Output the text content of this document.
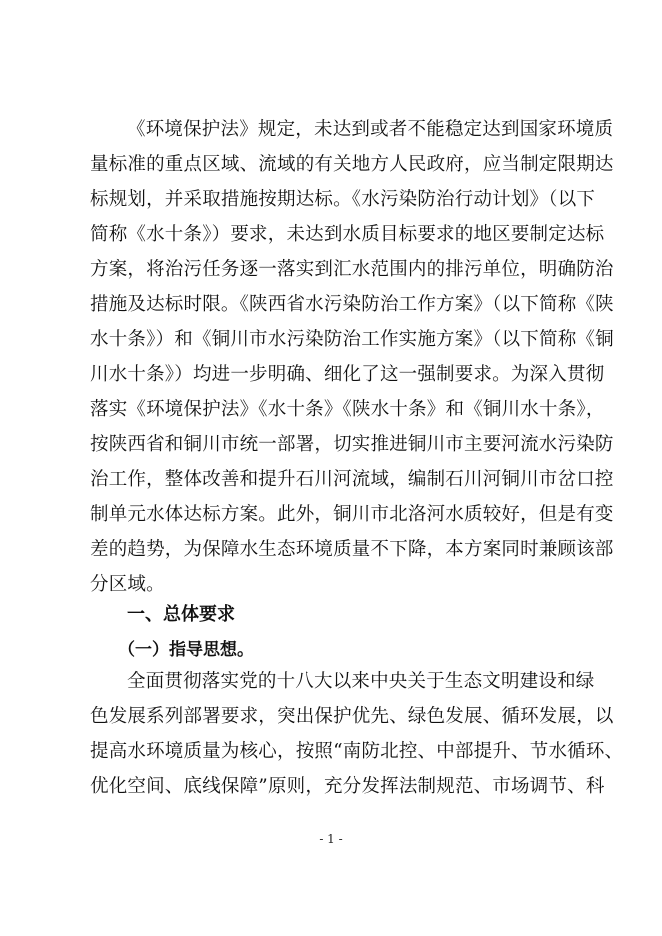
《环境保护法》规定，未达到或者不能稳定达到国家环境质
量标准的重点区域、流域的有关地方人民政府，应当制定限期达
标规划，并采取措施按期达标。《水污染防治行动计划》（以下
简称《水十条》）要求，未达到水质目标要求的地区要制定达标
方案，将治污任务逐一落实到汇水范围内的排污单位，明确防治
措施及达标时限。《陕西省水污染防治工作方案》（以下简称《陕
水十条》）和《铜川市水污染防治工作实施方案》（以下简称《铜
川水十条》）均进一步明确、细化了这一强制要求。为深入贯彻
落实《环境保护法》《水十条》《陕水十条》和《铜川水十条》，
按陕西省和铜川市统一部署，切实推进铜川市主要河流水污染防
治工作，整体改善和提升石川河流域，编制石川河铜川市岔口控
制单元水体达标方案。此外，铜川市北洛河水质较好，但是有变
差的趋势，为保障水生态环境质量不下降，本方案同时兼顾该部
分区域。
一、总体要求
（一）指导思想。
全面贯彻落实党的十八大以来中央关于生态文明建设和绿
色发展系列部署要求，突出保护优先、绿色发展、循环发展，以
提高水环境质量为核心，按照“南防北控、中部提升、节水循环、
优化空间、底线保障”原则，充分发挥法制规范、市场调节、科
- 1 -
